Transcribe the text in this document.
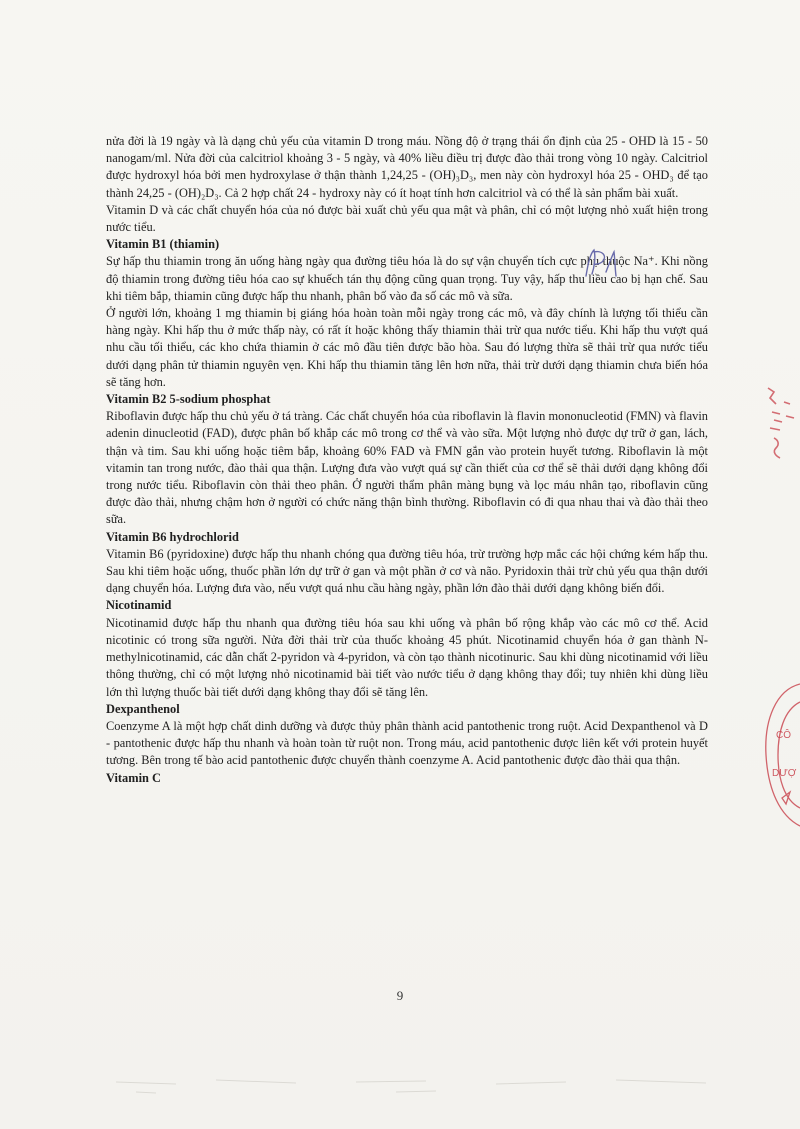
nửa đời là 19 ngày và là dạng chủ yếu của vitamin D trong máu. Nồng độ ở trạng thái ổn định của 25 - OHD là 15 - 50 nanogam/ml. Nửa đời của calcitriol khoảng 3 - 5 ngày, và 40% liều điều trị được đào thải trong vòng 10 ngày. Calcitriol được hydroxyl hóa bởi men hydroxylase ở thận thành 1,24,25 - (OH)₃D₃, men này còn hydroxyl hóa 25 - OHD₃ để tạo thành 24,25 - (OH)₂D₃. Cả 2 hợp chất 24 - hydroxy này có ít hoạt tính hơn calcitriol và có thể là sản phẩm bài xuất.

Vitamin D và các chất chuyển hóa của nó được bài xuất chủ yếu qua mật và phân, chỉ có một lượng nhỏ xuất hiện trong nước tiểu.

Vitamin B1 (thiamin)

Sự hấp thu thiamin trong ăn uống hàng ngày qua đường tiêu hóa là do sự vận chuyển tích cực phụ thuộc Na⁺. Khi nồng độ thiamin trong đường tiêu hóa cao sự khuếch tán thụ động cũng quan trọng. Tuy vậy, hấp thu liều cao bị hạn chế. Sau khi tiêm bắp, thiamin cũng được hấp thu nhanh, phân bố vào đa số các mô và sữa.

Ở người lớn, khoảng 1 mg thiamin bị giáng hóa hoàn toàn mỗi ngày trong các mô, và đây chính là lượng tối thiểu cần hàng ngày. Khi hấp thu ở mức thấp này, có rất ít hoặc không thấy thiamin thải trừ qua nước tiểu. Khi hấp thu vượt quá nhu cầu tối thiểu, các kho chứa thiamin ở các mô đầu tiên được bão hòa. Sau đó lượng thừa sẽ thải trừ qua nước tiểu dưới dạng phân tử thiamin nguyên vẹn. Khi hấp thu thiamin tăng lên hơn nữa, thải trừ dưới dạng thiamin chưa biến hóa sẽ tăng hơn.

Vitamin B2 5-sodium phosphat

Riboflavin được hấp thu chủ yếu ở tá tràng. Các chất chuyển hóa của riboflavin là flavin mononucleotid (FMN) và flavin adenin dinucleotid (FAD), được phân bố khắp các mô trong cơ thể và vào sữa. Một lượng nhỏ được dự trữ ở gan, lách, thận và tim. Sau khi uống hoặc tiêm bắp, khoảng 60% FAD và FMN gắn vào protein huyết tương. Riboflavin là một vitamin tan trong nước, đào thải qua thận. Lượng đưa vào vượt quá sự cần thiết của cơ thể sẽ thải dưới dạng không đổi trong nước tiểu. Riboflavin còn thải theo phân. Ở người thẩm phân màng bụng và lọc máu nhân tạo, riboflavin cũng được đào thải, nhưng chậm hơn ở người có chức năng thận bình thường. Riboflavin có đi qua nhau thai và đào thải theo sữa.

Vitamin B6 hydrochlorid

Vitamin B6 (pyridoxine) được hấp thu nhanh chóng qua đường tiêu hóa, trừ trường hợp mắc các hội chứng kém hấp thu. Sau khi tiêm hoặc uống, thuốc phần lớn dự trữ ở gan và một phần ở cơ và não. Pyridoxin thải trừ chủ yếu qua thận dưới dạng chuyển hóa. Lượng đưa vào, nếu vượt quá nhu cầu hàng ngày, phần lớn đào thải dưới dạng không biến đổi.

Nicotinamid

Nicotinamid được hấp thu nhanh qua đường tiêu hóa sau khi uống và phân bố rộng khắp vào các mô cơ thể. Acid nicotinic có trong sữa người. Nửa đời thải trừ của thuốc khoảng 45 phút. Nicotinamid chuyển hóa ở gan thành N-methylnicotinamid, các dẫn chất 2-pyridon và 4-pyridon, và còn tạo thành nicotinuric. Sau khi dùng nicotinamid với liều thông thường, chỉ có một lượng nhỏ nicotinamid bài tiết vào nước tiểu ở dạng không thay đổi; tuy nhiên khi dùng liều lớn thì lượng thuốc bài tiết dưới dạng không thay đổi sẽ tăng lên.

Dexpanthenol

Coenzyme A là một hợp chất dinh dưỡng và được thủy phân thành acid pantothenic trong ruột. Acid Dexpanthenol và D - pantothenic được hấp thu nhanh và hoàn toàn từ ruột non. Trong máu, acid pantothenic được liên kết với protein huyết tương. Bên trong tế bào acid pantothenic được chuyển thành coenzyme A. Acid pantothenic được đào thải qua thận.

Vitamin C
9
CÔ
DƯỢ
